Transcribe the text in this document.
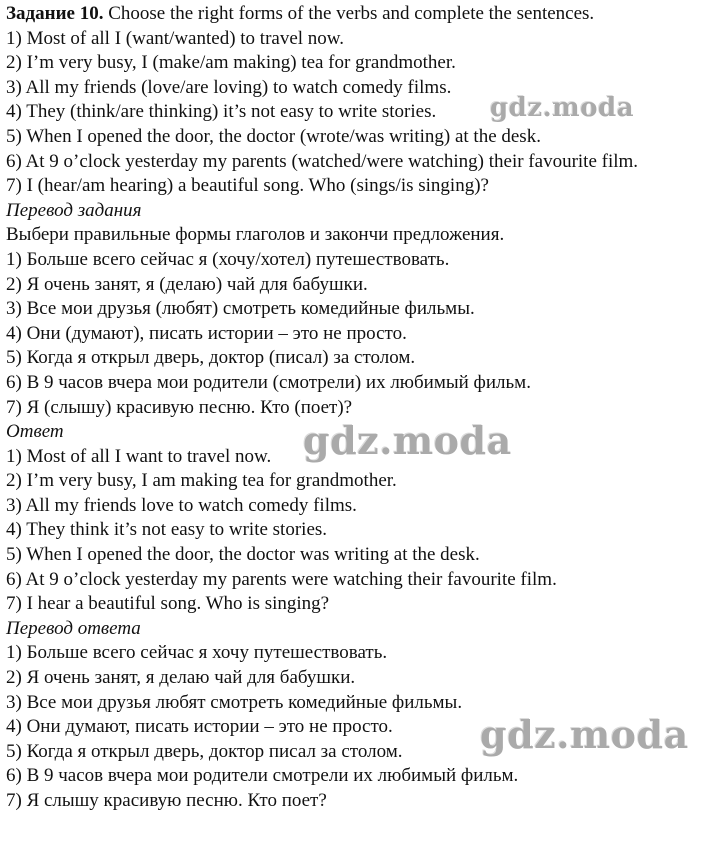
Задание 10. Choose the right forms of the verbs and complete the sentences.
1) Most of all I (want/wanted) to travel now.
2) I’m very busy, I (make/am making) tea for grandmother.
3) All my friends (love/are loving) to watch comedy films.
4) They (think/are thinking) it’s not easy to write stories.
5) When I opened the door, the doctor (wrote/was writing) at the desk.
6) At 9 o’clock yesterday my parents (watched/were watching) their favourite film.
7) I (hear/am hearing) a beautiful song. Who (sings/is singing)?
Перевод задания
Выбери правильные формы глаголов и закончи предложения.
1) Больше всего сейчас я (хочу/хотел) путешествовать.
2) Я очень занят, я (делаю) чай для бабушки.
3) Все мои друзья (любят) смотреть комедийные фильмы.
4) Они (думают), писать истории – это не просто.
5) Когда я открыл дверь, доктор (писал) за столом.
6) В 9 часов вчера мои родители (смотрели) их любимый фильм.
7) Я (слышу) красивую песню. Кто (поет)?
Ответ
1) Most of all I want to travel now.
2) I’m very busy, I am making tea for grandmother.
3) All my friends love to watch comedy films.
4) They think it’s not easy to write stories.
5) When I opened the door, the doctor was writing at the desk.
6) At 9 o’clock yesterday my parents were watching their favourite film.
7) I hear a beautiful song. Who is singing?
Перевод ответа
1) Больше всего сейчас я хочу путешествовать.
2) Я очень занят, я делаю чай для бабушки.
3) Все мои друзья любят смотреть комедийные фильмы.
4) Они думают, писать истории – это не просто.
5) Когда я открыл дверь, доктор писал за столом.
6) В 9 часов вчера мои родители смотрели их любимый фильм.
7) Я слышу красивую песню. Кто поет?
gdz.moda
gdz.moda
gdz.moda
